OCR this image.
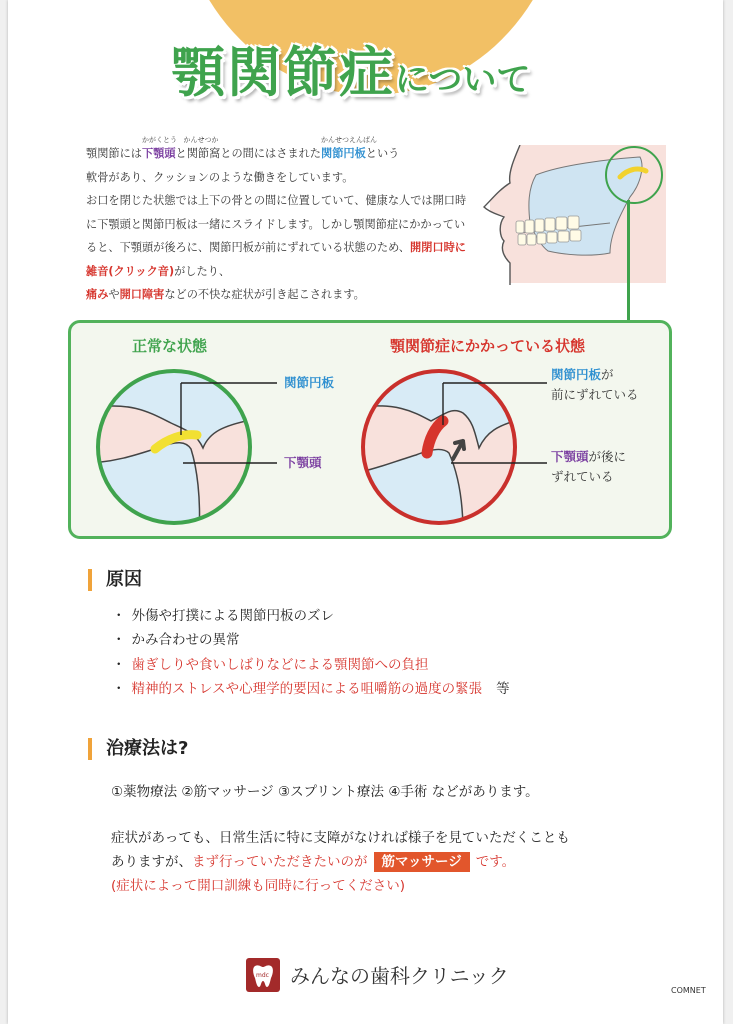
顎関節症について

顎関節には
かがくとう
下顎頭
かんせつか
と関節窩との間にはさまれた
かんせつえんばん
関節円板という

軟骨があり、クッションのような働きをしています。

お口を閉じた状態では上下の骨との間に位置していて、健康な人では開口時に下顎頭と関節円板は一緒にスライドします。しかし顎関節症にかかっていると、下顎頭が後ろに、関節円板が前にずれている状態のため、開閉口時に雑音(クリック音)がしたり、
痛みや開口障害などの不快な症状が引き起こされます。

正常な状態	顎関節症にかかっている状態
関節円板
下顎頭
関節円板が
前にずれている
下顎頭が後に
ずれている
原因
・ 外傷や打撲による関節円板のズレ
・ かみ合わせの異常
・ 歯ぎしりや食いしばりなどによる顎関節への負担
・ 精神的ストレスや心理学的要因による咀嚼筋の過度の緊張 等
治療法は?
①薬物療法 ②筋マッサージ ③スプリント療法 ④手術 などがあります。
症状があっても、日常生活に特に支障がなければ様子を見ていただくことも
ありますが、まず行っていただきたいのが 筋マッサージ です。
(症状によって開口訓練も同時に行ってください)
mdc みんなの歯科クリニック
COMNET
